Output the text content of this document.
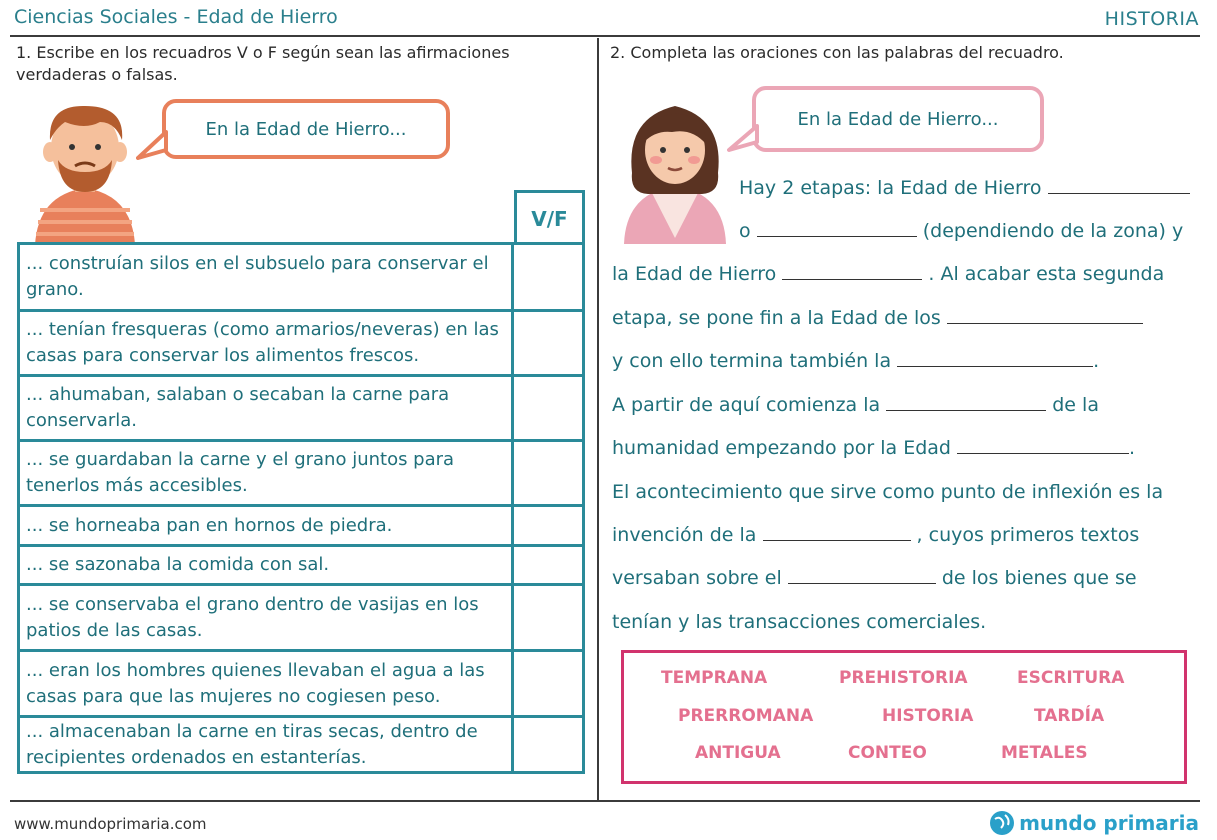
Ciencias Sociales - Edad de Hierro	HISTORIA
1. Escribe en los recuadros V o F según sean las afirmaciones verdaderas o falsas.
En la Edad de Hierro...
V/F
... construían silos en el subsuelo para conservar el grano.
... tenían fresqueras (como armarios/neveras) en las casas para conservar los alimentos frescos.
... ahumaban, salaban o secaban la carne para conservarla.
... se guardaban la carne y el grano juntos para tenerlos más accesibles.
... se horneaba pan en hornos de piedra.
... se sazonaba la comida con sal.
... se conservaba el grano dentro de vasijas en los patios de las casas.
... eran los hombres quienes llevaban el agua a las casas para que las mujeres no cogiesen peso.
... almacenaban la carne en tiras secas, dentro de recipientes ordenados en estanterías.
2. Completa las oraciones con las palabras del recuadro.
En la Edad de Hierro...
Hay 2 etapas: la Edad de Hierro
o	(dependiendo de la zona) y
la Edad de Hierro	. Al acabar esta segunda
etapa, se pone fin a la Edad de los
y con ello termina también la	.
A partir de aquí comienza la	de la
humanidad empezando por la Edad	.
El acontecimiento que sirve como punto de inflexión es la
invención de la	, cuyos primeros textos
versaban sobre el	de los bienes que se
tenían y las transacciones comerciales.
TEMPRANA	PREHISTORIA	ESCRITURA
PRERROMANA	HISTORIA	TARDÍA
ANTIGUA	CONTEO	METALES
www.mundoprimaria.com	mundo primaria
